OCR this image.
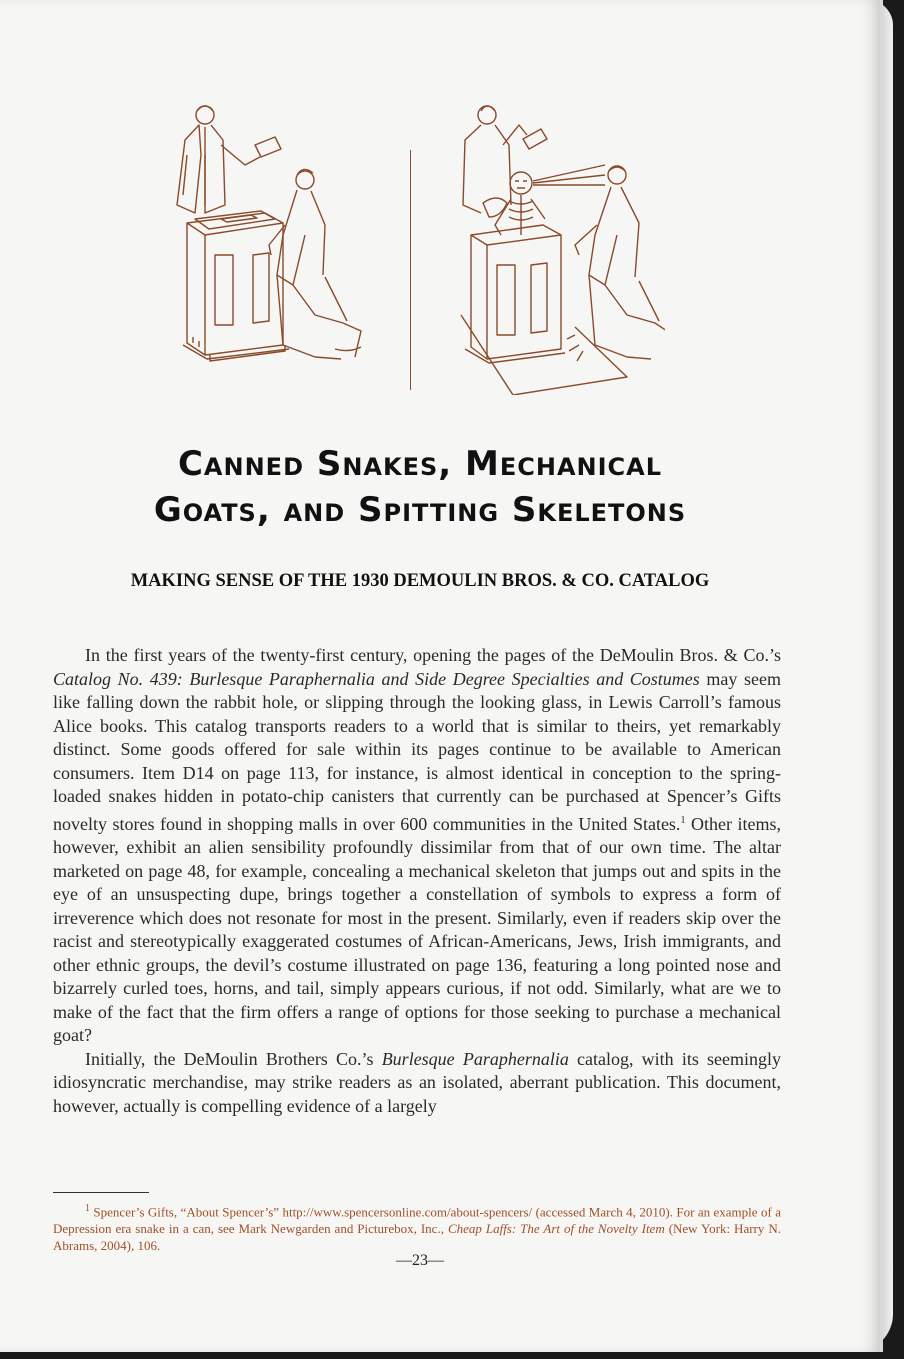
Canned Snakes, Mechanical
Goats, and Spitting Skeletons
MAKING SENSE OF THE 1930 DEMOULIN BROS. & CO. CATALOG

In the first years of the twenty-first century, opening the pages of the DeMoulin Bros. & Co.’s Catalog No. 439: Burlesque Paraphernalia and Side Degree Specialties and Costumes may seem like falling down the rabbit hole, or slipping through the looking glass, in Lewis Carroll’s famous Alice books. This catalog transports readers to a world that is similar to theirs, yet remarkably distinct. Some goods offered for sale within its pages continue to be available to American consumers. Item D14 on page 113, for instance, is almost identical in conception to the spring-loaded snakes hidden in potato-chip canisters that currently can be purchased at Spencer’s Gifts novelty stores found in shopping malls in over 600 communities in the United States.$^1$ Other items, however, exhibit an alien sensibility profoundly dissimilar from that of our own time. The altar marketed on page 48, for example, concealing a mechanical skeleton that jumps out and spits in the eye of an unsuspecting dupe, brings together a constellation of symbols to express a form of irreverence which does not resonate for most in the present. Similarly, even if readers skip over the racist and stereotypically exaggerated costumes of African-Americans, Jews, Irish immigrants, and other ethnic groups, the devil’s costume illustrated on page 136, featuring a long pointed nose and bizarrely curled toes, horns, and tail, simply appears curious, if not odd. Similarly, what are we to make of the fact that the firm offers a range of options for those seeking to purchase a mechanical goat?

Initially, the DeMoulin Brothers Co.’s Burlesque Paraphernalia catalog, with its seemingly idiosyncratic merchandise, may strike readers as an isolated, aberrant publication. This document, however, actually is compelling evidence of a largely

$^1$ Spencer’s Gifts, “About Spencer’s” http://www.spencersonline.com/about-spencers/ (accessed March 4, 2010). For an example of a Depression era snake in a can, see Mark Newgarden and Picturebox, Inc., Cheap Laffs: The Art of the Novelty Item (New York: Harry N. Abrams, 2004), 106.

—23—
